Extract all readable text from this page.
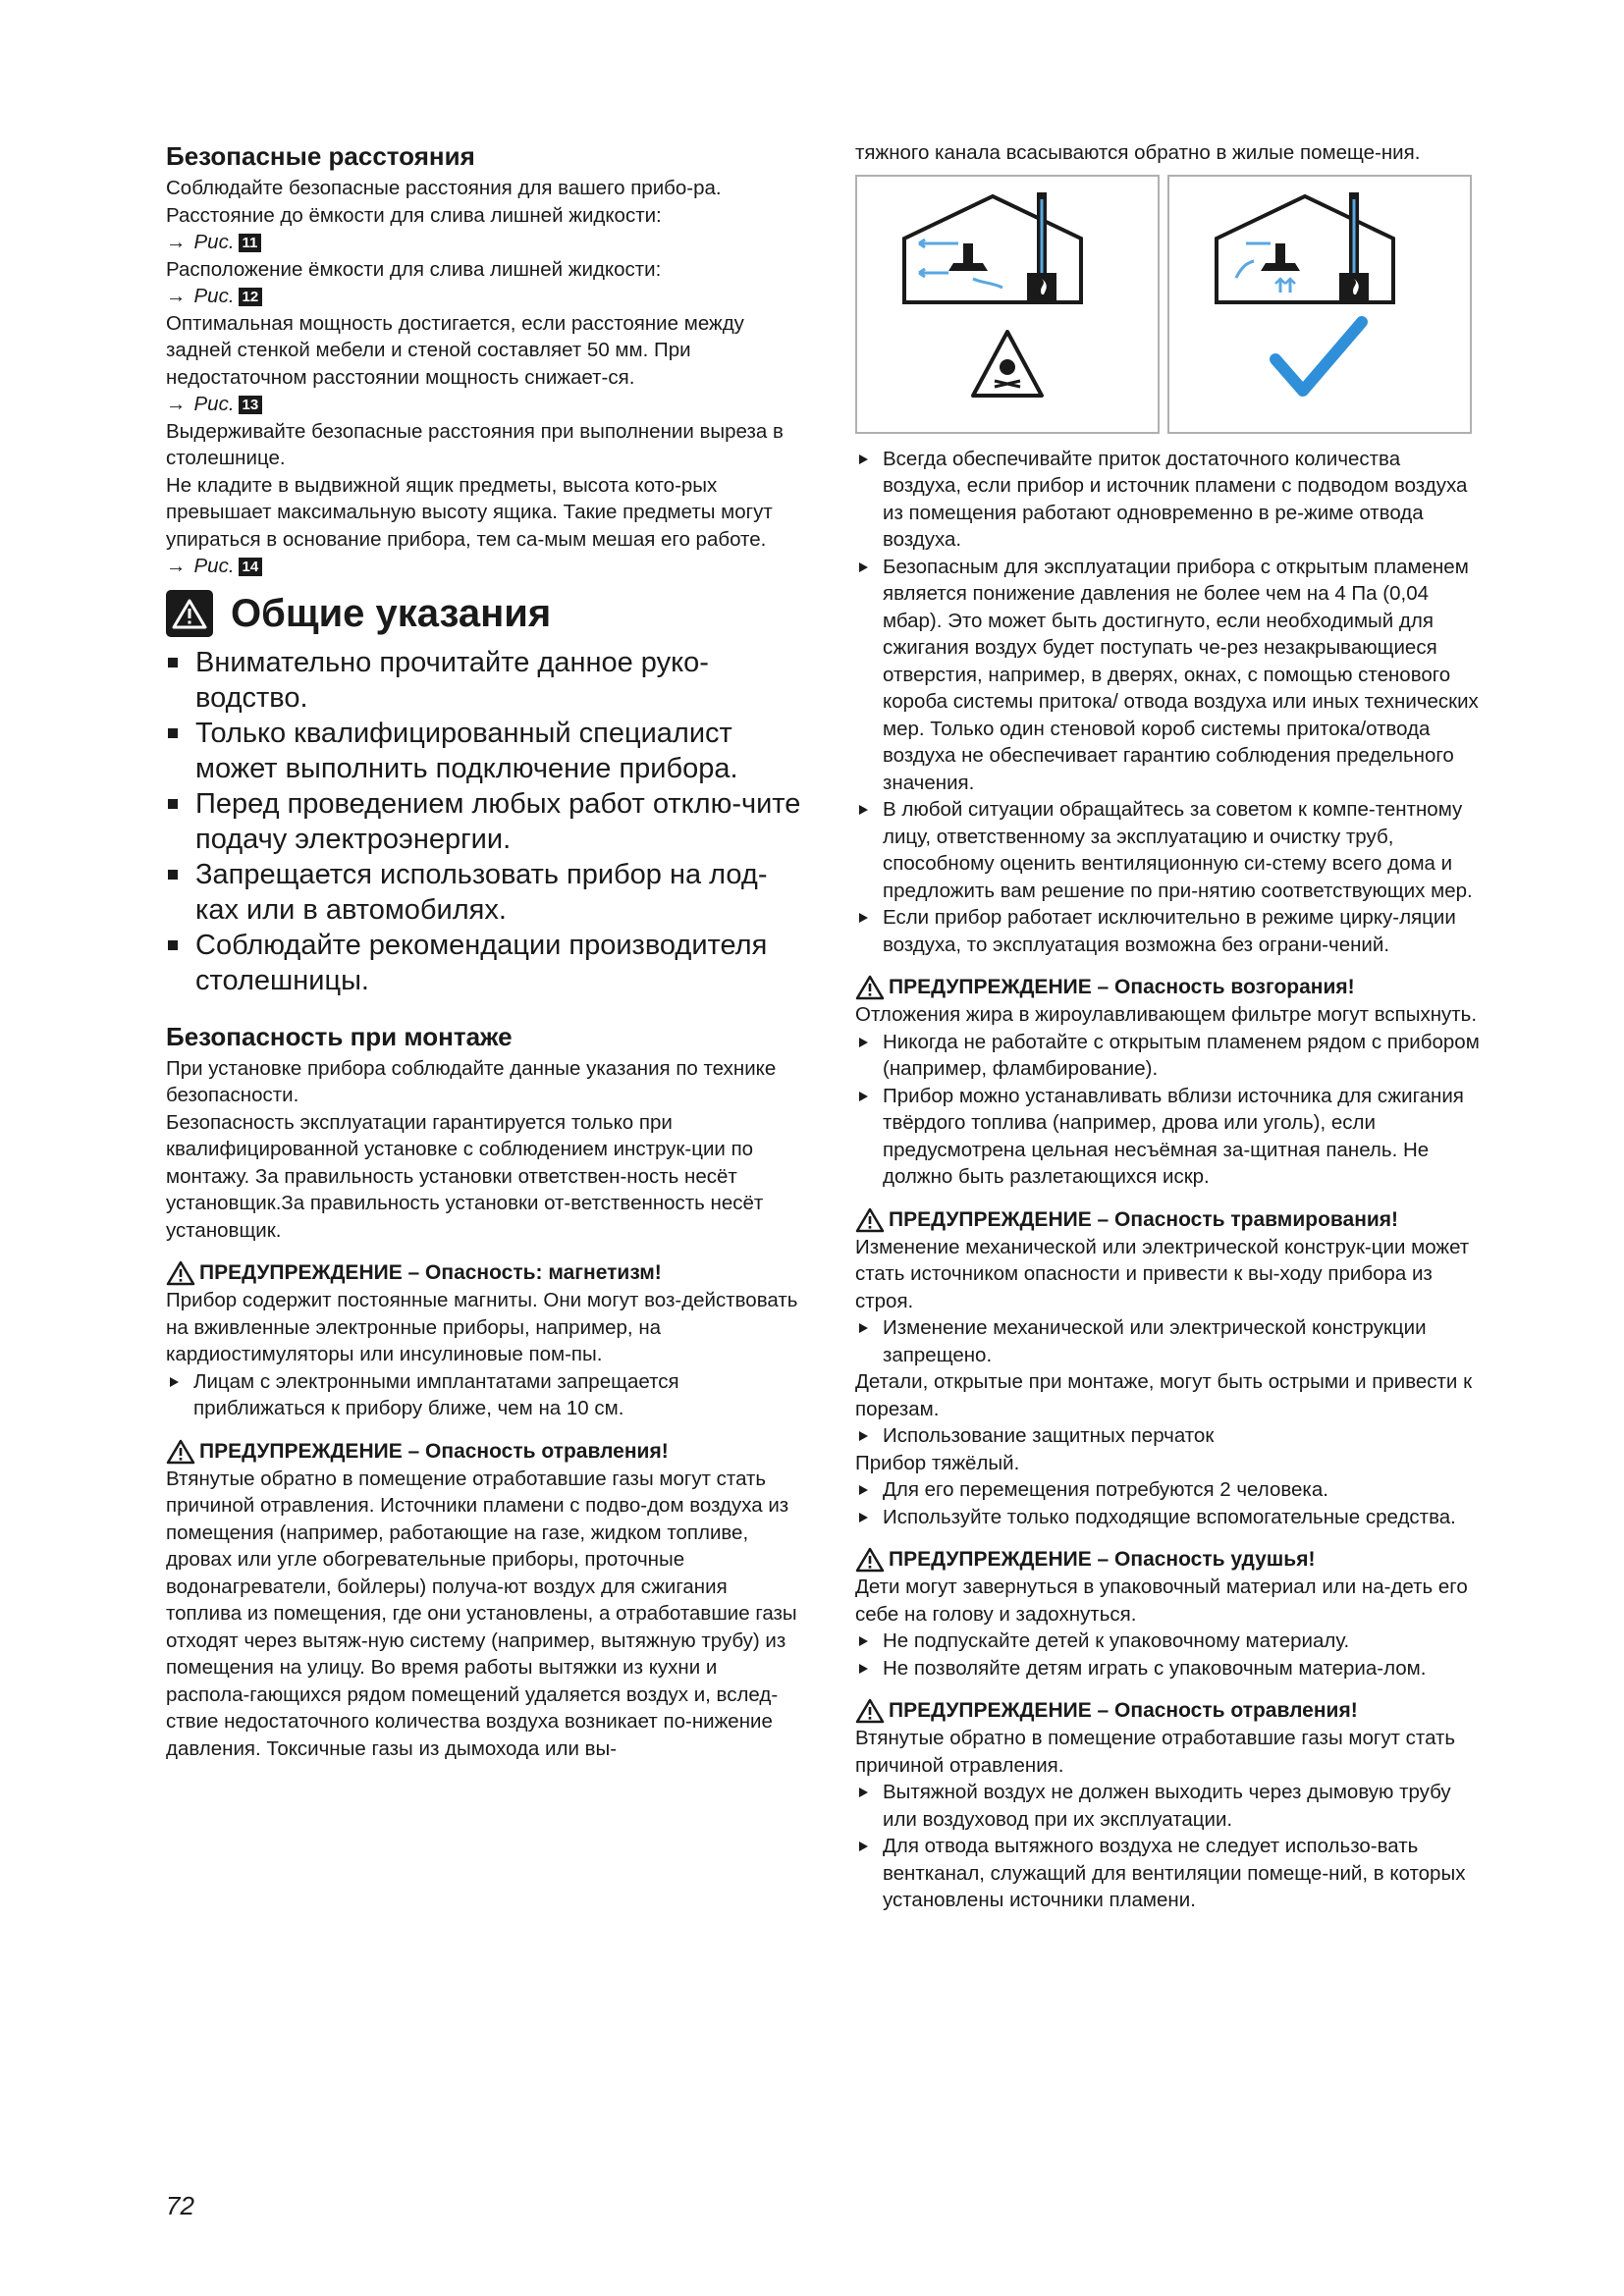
Безопасные расстояния

Соблюдайте безопасные расстояния для вашего прибо-ра.

Расстояние до ёмкости для слива лишней жидкости:

→ Рис. 11

Расположение ёмкости для слива лишней жидкости:

→ Рис. 12

Оптимальная мощность достигается, если расстояние между задней стенкой мебели и стеной составляет 50 мм. При недостаточном расстоянии мощность снижает-ся.

→ Рис. 13

Выдерживайте безопасные расстояния при выполнении выреза в столешнице.

Не кладите в выдвижной ящик предметы, высота кото-рых превышает максимальную высоту ящика. Такие предметы могут упираться в основание прибора, тем са-мым мешая его работе.

→ Рис. 14

Общие указания
Внимательно прочитайте данное руко-водство.
Только квалифицированный специалист может выполнить подключение прибора.
Перед проведением любых работ отклю-чите подачу электроэнергии.
Запрещается использовать прибор на лод-ках или в автомобилях.
Соблюдайте рекомендации производителя столешницы.
Безопасность при монтаже

При установке прибора соблюдайте данные указания по технике безопасности.

Безопасность эксплуатации гарантируется только при квалифицированной установке с соблюдением инструк-ции по монтажу. За правильность установки ответствен-ность несёт установщик.За правильность установки от-ветственность несёт установщик.

ПРЕДУПРЕЖДЕНИЕ – Опасность: магнетизм!

Прибор содержит постоянные магниты. Они могут воз-действовать на вживленные электронные приборы, например, на кардиостимуляторы или инсулиновые пом-пы.

Лицам с электронными имплантатами запрещается приближаться к прибору ближе, чем на 10 см.
ПРЕДУПРЕЖДЕНИЕ – Опасность отравления!

Втянутые обратно в помещение отработавшие газы могут стать причиной отравления. Источники пламени с подво-дом воздуха из помещения (например, работающие на газе, жидком топливе, дровах или угле обогревательные приборы, проточные водонагреватели, бойлеры) получа-ют воздух для сжигания топлива из помещения, где они установлены, а отработавшие газы отходят через вытяж-ную систему (например, вытяжную трубу) из помещения на улицу. Во время работы вытяжки из кухни и распола-гающихся рядом помещений удаляется воздух и, вслед-ствие недостаточного количества воздуха возникает по-нижение давления. Токсичные газы из дымохода или вы-

тяжного канала всасываются обратно в жилые помеще-ния.

Всегда обеспечивайте приток достаточного количества воздуха, если прибор и источник пламени с подводом воздуха из помещения работают одновременно в ре-жиме отвода воздуха.
Безопасным для эксплуатации прибора с открытым пламенем является понижение давления не более чем на 4 Па (0,04 мбар). Это может быть достигнуто, если необходимый для сжигания воздух будет поступать че-рез незакрывающиеся отверстия, например, в дверях, окнах, с помощью стенового короба системы притока/ отвода воздуха или иных технических мер. Только один стеновой короб системы притока/отвода воздуха не обеспечивает гарантию соблюдения предельного значения.
В любой ситуации обращайтесь за советом к компе-тентному лицу, ответственному за эксплуатацию и очистку труб, способному оценить вентиляционную си-стему всего дома и предложить вам решение по при-нятию соответствующих мер.
Если прибор работает исключительно в режиме цирку-ляции воздуха, то эксплуатация возможна без ограни-чений.
ПРЕДУПРЕЖДЕНИЕ – Опасность возгорания!

Отложения жира в жироулавливающем фильтре могут вспыхнуть.

Никогда не работайте с открытым пламенем рядом с прибором (например, фламбирование).
Прибор можно устанавливать вблизи источника для сжигания твёрдого топлива (например, дрова или уголь), если предусмотрена цельная несъёмная за-щитная панель. Не должно быть разлетающихся искр.
ПРЕДУПРЕЖДЕНИЕ – Опасность травмирования!

Изменение механической или электрической конструк-ции может стать источником опасности и привести к вы-ходу прибора из строя.

Изменение механической или электрической конструкции запрещено.

Детали, открытые при монтаже, могут быть острыми и привести к порезам.

Использование защитных перчаток

Прибор тяжёлый.

Для его перемещения потребуются 2 человека.
Используйте только подходящие вспомогательные средства.
ПРЕДУПРЕЖДЕНИЕ – Опасность удушья!

Дети могут завернуться в упаковочный материал или на-деть его себе на голову и задохнуться.

Не подпускайте детей к упаковочному материалу.
Не позволяйте детям играть с упаковочным материа-лом.
ПРЕДУПРЕЖДЕНИЕ – Опасность отравления!

Втянутые обратно в помещение отработавшие газы могут стать причиной отравления.

Вытяжной воздух не должен выходить через дымовую трубу или воздуховод при их эксплуатации.
Для отвода вытяжного воздуха не следует использо-вать вентканал, служащий для вентиляции помеще-ний, в которых установлены источники пламени.
72
